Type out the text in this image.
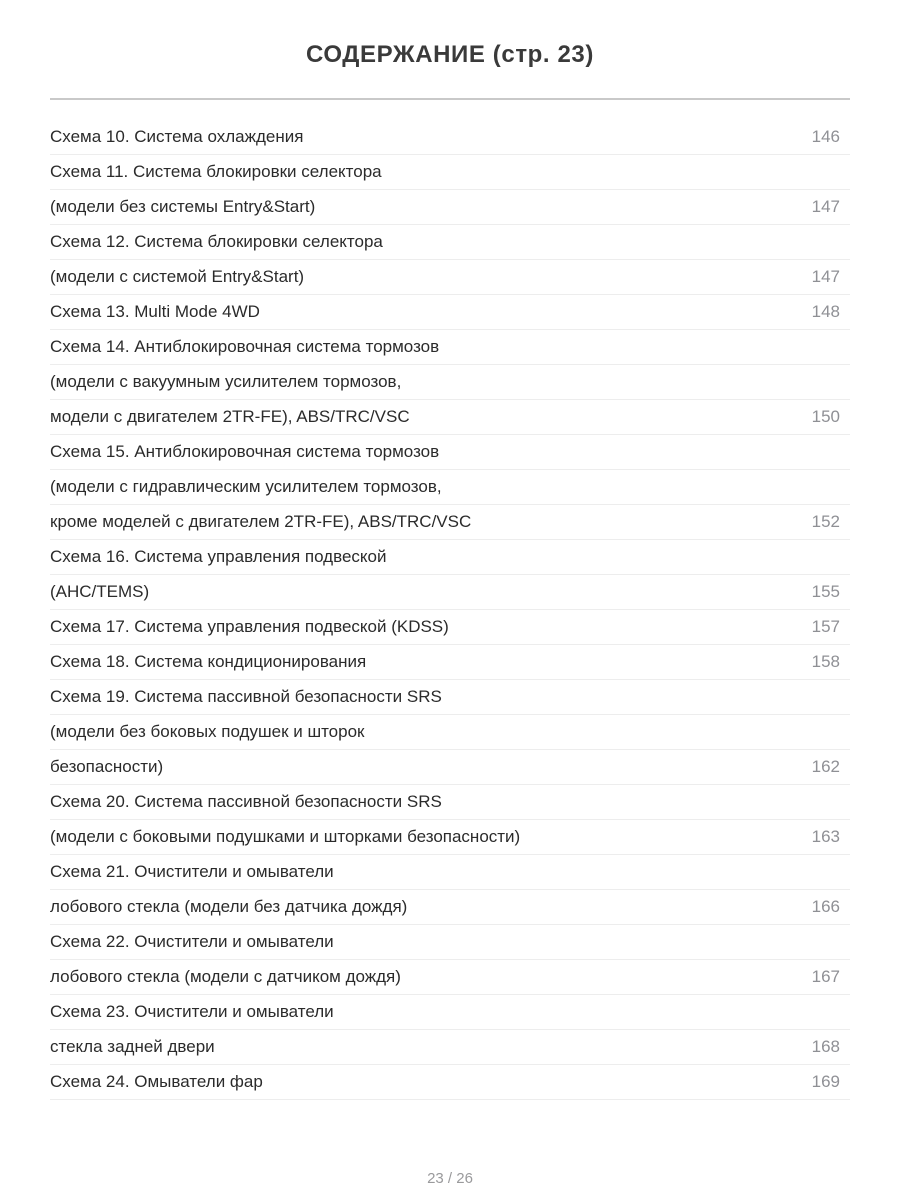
СОДЕРЖАНИЕ (стр. 23)
Схема 10. Система охлаждения	146
Схема 11. Система блокировки селектора
(модели без системы Entry&Start)	147
Схема 12. Система блокировки селектора
(модели с системой Entry&Start)	147
Схема 13. Multi Mode 4WD	148
Схема 14. Антиблокировочная система тормозов
(модели с вакуумным усилителем тормозов,
модели с двигателем 2TR-FE), ABS/TRC/VSC	150
Схема 15. Антиблокировочная система тормозов
(модели с гидравлическим усилителем тормозов,
кроме моделей с двигателем 2TR-FE), ABS/TRC/VSC	152
Схема 16. Система управления подвеской
(AHC/TEMS)	155
Схема 17. Система управления подвеской (KDSS)	157
Схема 18. Система кондиционирования	158
Схема 19. Система пассивной безопасности SRS
(модели без боковых подушек и шторок
безопасности)	162
Схема 20. Система пассивной безопасности SRS
(модели с боковыми подушками и шторками безопасности)	163
Схема 21. Очистители и омыватели
лобового стекла (модели без датчика дождя)	166
Схема 22. Очистители и омыватели
лобового стекла (модели с датчиком дождя)	167
Схема 23. Очистители и омыватели
стекла задней двери	168
Схема 24. Омыватели фар	169
23 / 26
